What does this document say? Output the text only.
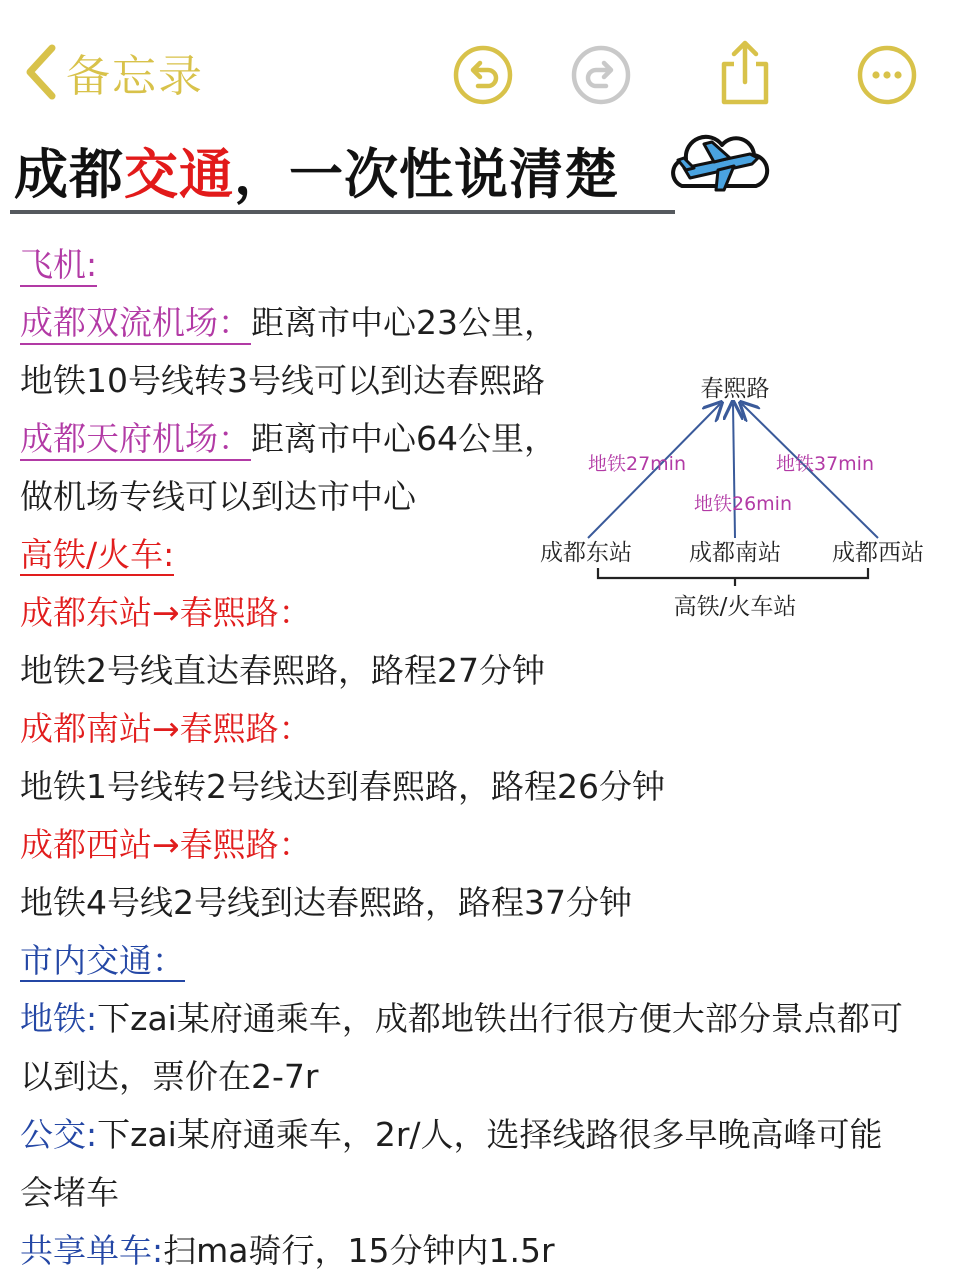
备忘录
成都交通，一次性说清楚
飞机:
成都双流机场：距离市中心23公里，
地铁10号线转3号线可以到达春熙路
成都天府机场：距离市中心64公里，
做机场专线可以到达市中心
高铁/火车:
成都东站→春熙路：
地铁2号线直达春熙路，路程27分钟
成都南站→春熙路：
地铁1号线转2号线达到春熙路，路程26分钟
成都西站→春熙路：
地铁4号线2号线到达春熙路，路程37分钟
市内交通：
地铁:下zai某府通乘车，成都地铁出行很方便大部分景点都可
以到达，票价在2-7r
公交:下zai某府通乘车，2r/人，选择线路很多早晚高峰可能
会堵车
共享单车:扫ma骑行，15分钟内1.5r
春熙路
地铁27min	地铁37min
地铁26min
成都东站 成都南站 成都西站
高铁/火车站
